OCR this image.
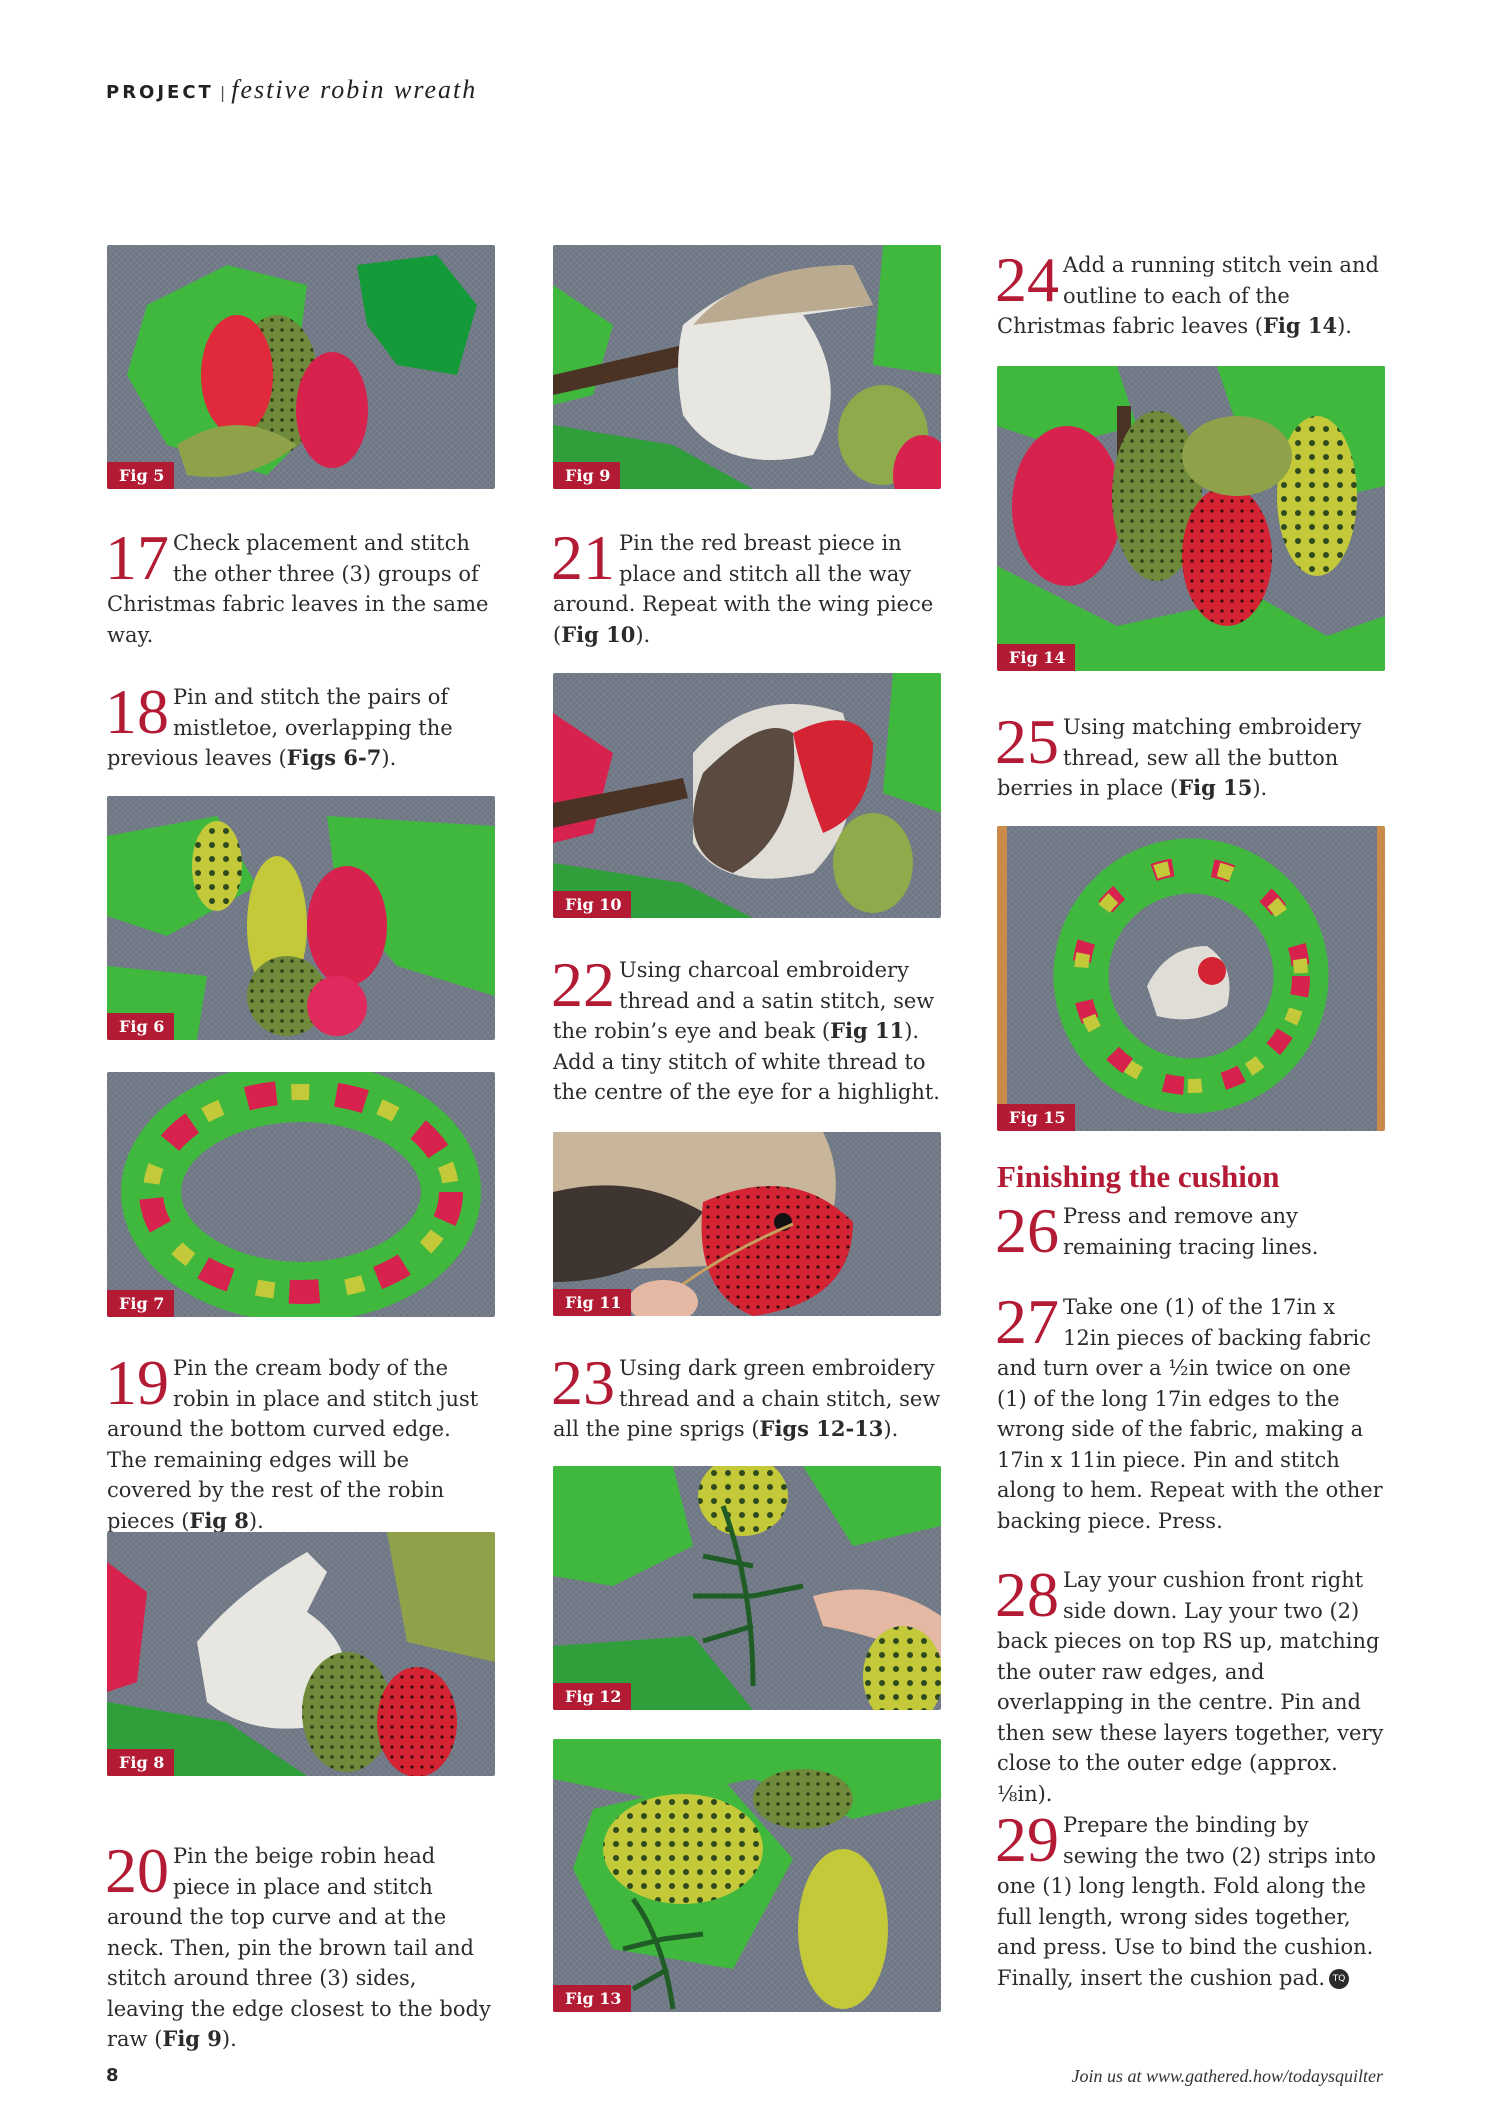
PROJECT | festive robin wreath
Fig 5	Fig 9
24 Add a running stitch vein and outline to each of the Christmas fabric leaves (Fig 14).
Fig 14
17 Check placement and stitch the other three (3) groups of Christmas fabric leaves in the same way.
21 Pin the red breast piece in place and stitch all the way around. Repeat with the wing piece (Fig 10).
18 Pin and stitch the pairs of mistletoe, overlapping the previous leaves (Figs 6-7).
Fig 10
25 Using matching embroidery thread, sew all the button berries in place (Fig 15).
Fig 6
Fig 15
22 Using charcoal embroidery thread and a satin stitch, sew the robin’s eye and beak (Fig 11). Add a tiny stitch of white thread to the centre of the eye for a highlight.
Fig 7	Fig 11
Finishing the cushion
26 Press and remove any remaining tracing lines.
27 Take one (1) of the 17in x 12in pieces of backing fabric and turn over a ½in twice on one (1) of the long 17in edges to the wrong side of the fabric, making a 17in x 11in piece. Pin and stitch along to hem. Repeat with the other backing piece. Press.
19 Pin the cream body of the robin in place and stitch just around the bottom curved edge. The remaining edges will be covered by the rest of the robin pieces (Fig 8).
23 Using dark green embroidery thread and a chain stitch, sew all the pine sprigs (Figs 12-13).
Fig 12
Fig 8
28 Lay your cushion front right side down. Lay your two (2) back pieces on top RS up, matching the outer raw edges, and overlapping in the centre. Pin and then sew these layers together, very close to the outer edge (approx. ⅛in).
Fig 13
20 Pin the beige robin head piece in place and stitch around the top curve and at the neck. Then, pin the brown tail and stitch around three (3) sides, leaving the edge closest to the body raw (Fig 9).
29 Prepare the binding by sewing the two (2) strips into one (1) long length. Fold along the full length, wrong sides together, and press. Use to bind the cushion. Finally, insert the cushion pad. TQ
8	Join us at www.gathered.how/todaysquilter
